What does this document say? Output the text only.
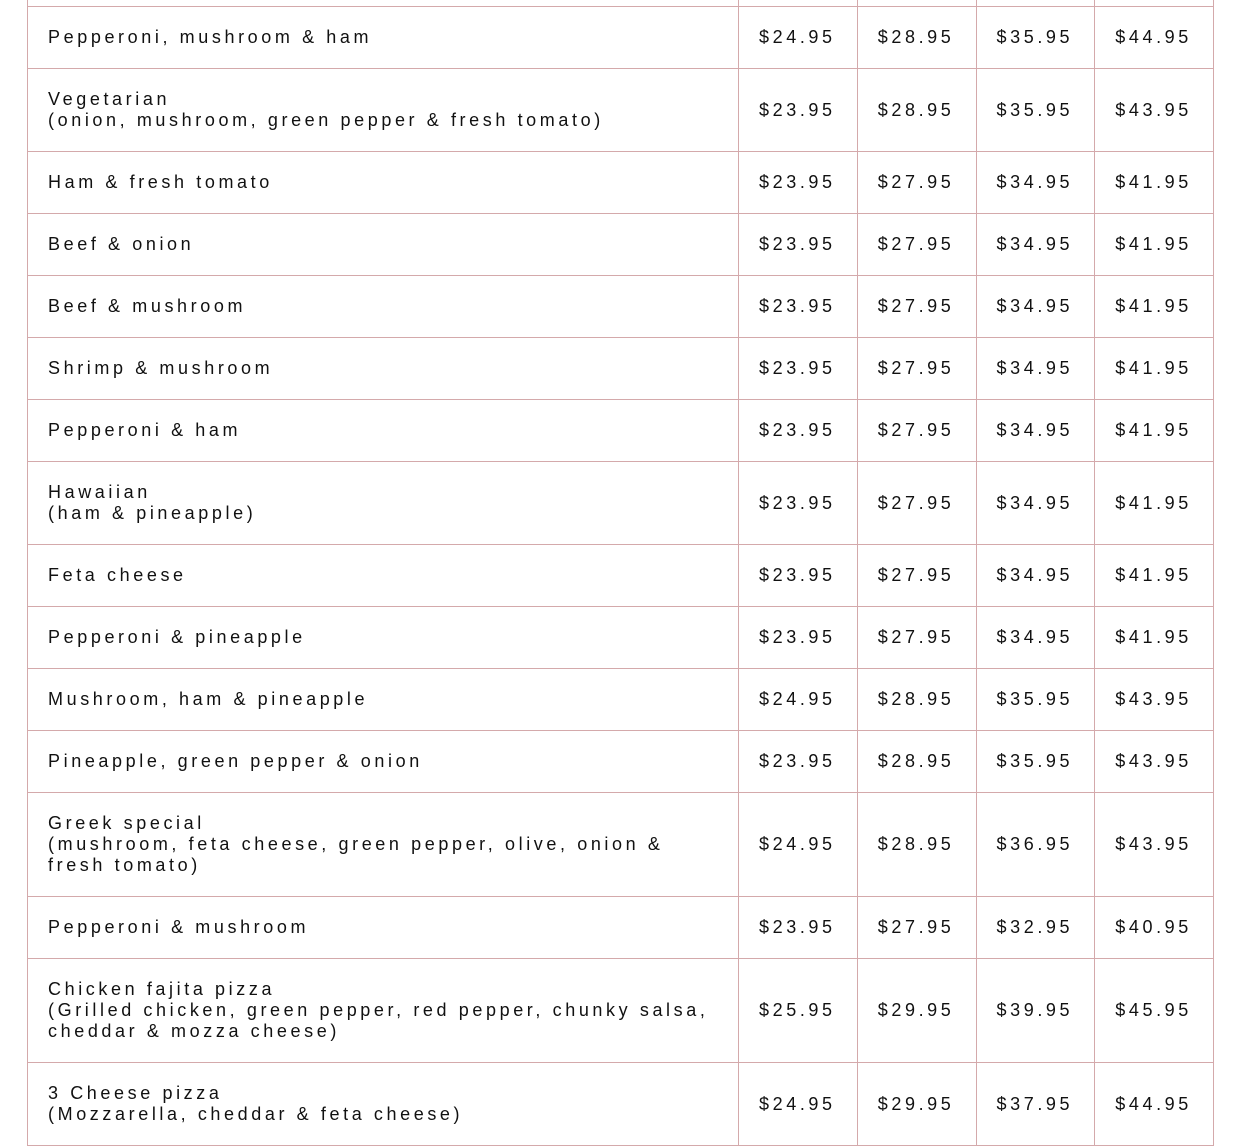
Pepperoni, mushroom & ham	$24.95	$28.95	$35.95	$44.95

Vegetarian
(onion, mushroom, green pepper & fresh tomato)	$23.95	$28.95	$35.95	$43.95

Ham & fresh tomato	$23.95	$27.95	$34.95	$41.95

Beef & onion	$23.95	$27.95	$34.95	$41.95

Beef & mushroom	$23.95	$27.95	$34.95	$41.95

Shrimp & mushroom	$23.95	$27.95	$34.95	$41.95

Pepperoni & ham	$23.95	$27.95	$34.95	$41.95

Hawaiian
(ham & pineapple)	$23.95	$27.95	$34.95	$41.95

Feta cheese	$23.95	$27.95	$34.95	$41.95

Pepperoni & pineapple	$23.95	$27.95	$34.95	$41.95

Mushroom, ham & pineapple	$24.95	$28.95	$35.95	$43.95

Pineapple, green pepper & onion	$23.95	$28.95	$35.95	$43.95

Greek special
(mushroom, feta cheese, green pepper, olive, onion &
fresh tomato)	$24.95	$28.95	$36.95	$43.95

Pepperoni & mushroom	$23.95	$27.95	$32.95	$40.95

Chicken fajita pizza
(Grilled chicken, green pepper, red pepper, chunky salsa,
cheddar & mozza cheese)	$25.95	$29.95	$39.95	$45.95

3 Cheese pizza
(Mozzarella, cheddar & feta cheese)	$24.95	$29.95	$37.95	$44.95
